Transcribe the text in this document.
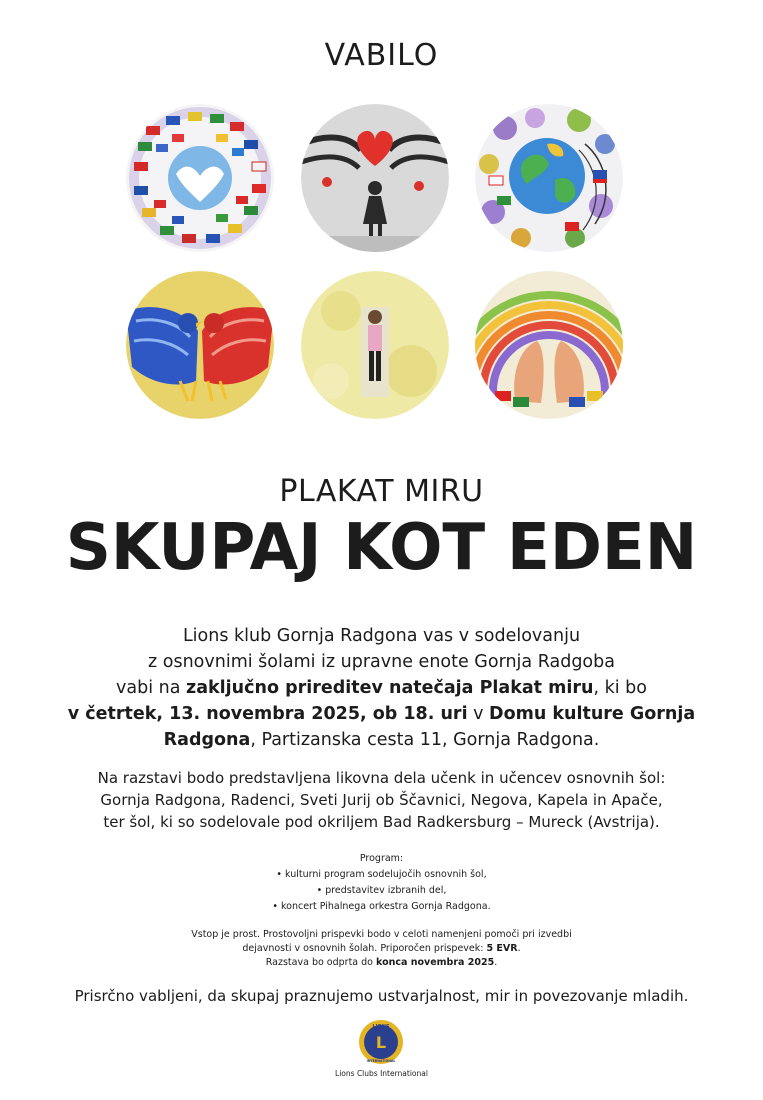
VABILO
PLAKAT MIRU
SKUPAJ KOT EDEN
Lions klub Gornja Radgona vas v sodelovanju
z osnovnimi šolami iz upravne enote Gornja Radgoba
vabi na zaključno prireditev natečaja Plakat miru, ki bo
v četrtek, 13. novembra 2025, ob 18. uri v Domu kulture Gornja
Radgona, Partizanska cesta 11, Gornja Radgona.
Na razstavi bodo predstavljena likovna dela učenk in učencev osnovnih šol:
Gornja Radgona, Radenci, Sveti Jurij ob Ščavnici, Negova, Kapela in Apače,
ter šol, ki so sodelovale pod okriljem Bad Radkersburg – Mureck (Avstrija).
Program:
• kulturni program sodelujočih osnovnih šol,
• predstavitev izbranih del,
• koncert Pihalnega orkestra Gornja Radgona.
Vstop je prost. Prostovoljni prispevki bodo v celoti namenjeni pomoči pri izvedbi
dejavnosti v osnovnih šolah. Priporočen prispevek: 5 EVR.
Razstava bo odprta do konca novembra 2025.
Prisrčno vabljeni, da skupaj praznujemo ustvarjalnost, mir in povezovanje mladih.
L
LIONS
INTERNATIONAL
Lions Clubs International
